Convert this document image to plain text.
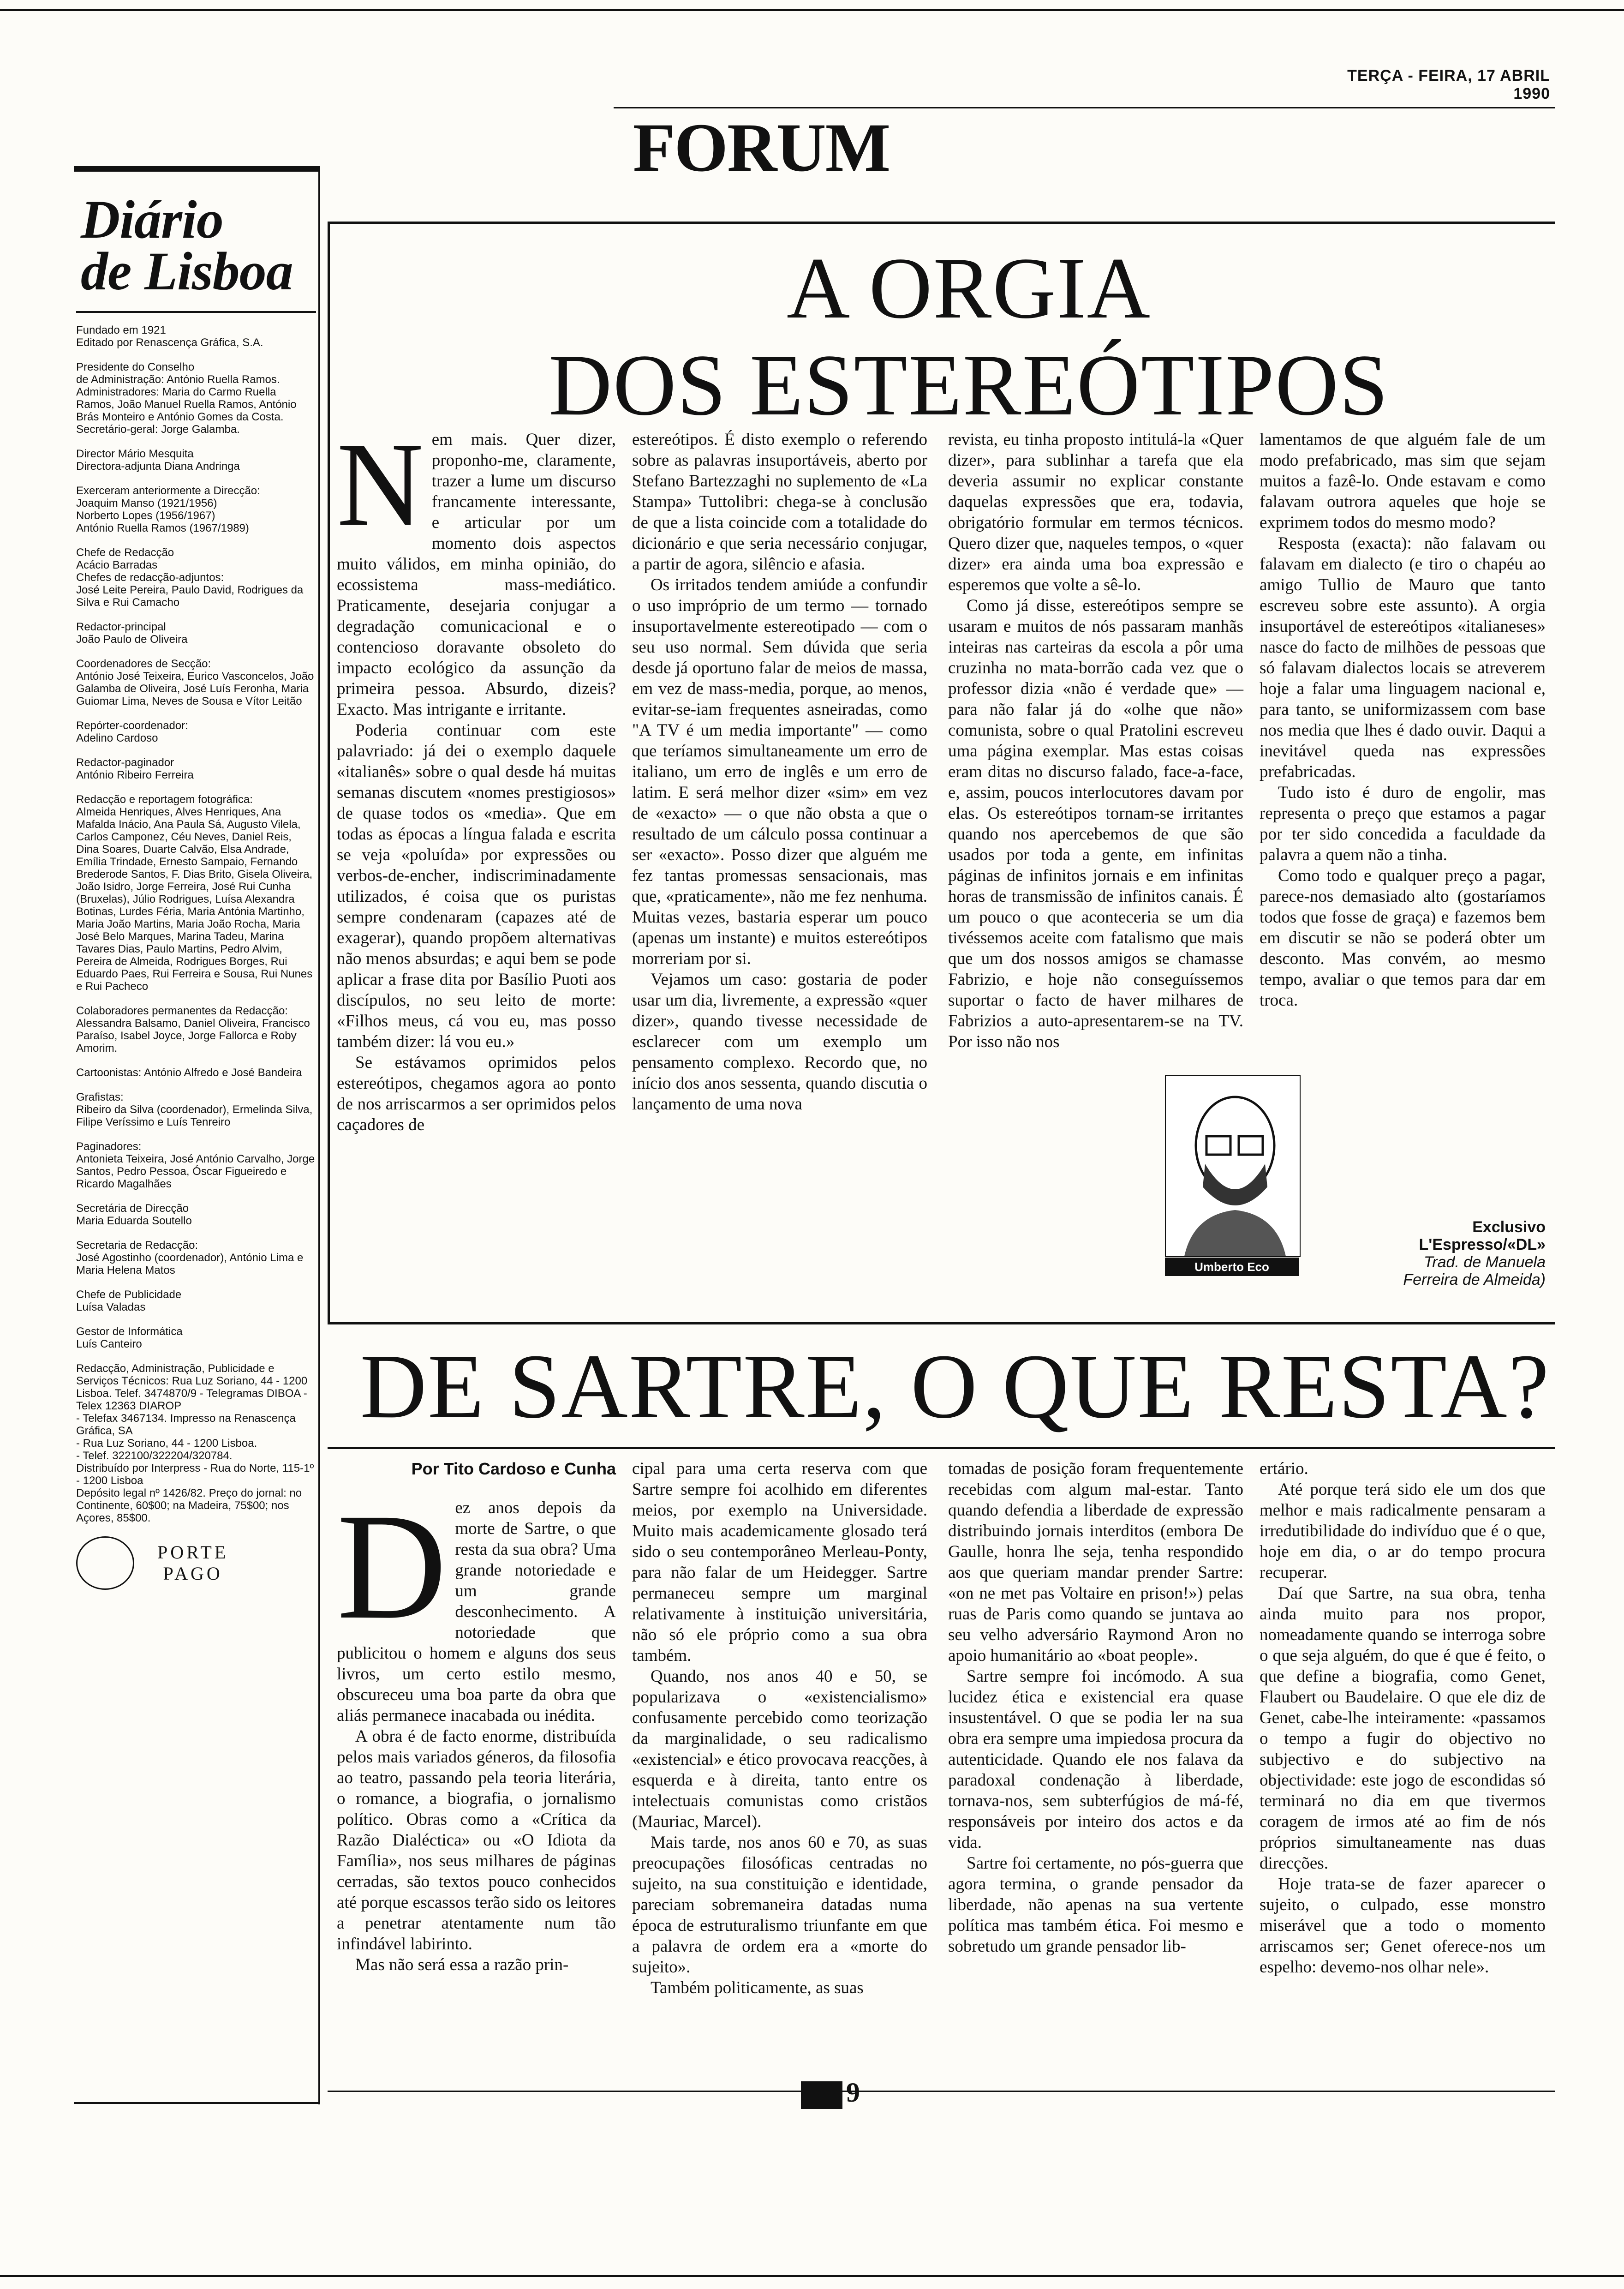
TERÇA - FEIRA, 17 ABRIL 1990
FORUM
Diário
de Lisboa

Fundado em 1921
Editado por Renascença Gráfica, S.A.

Presidente do Conselho
de Administração: António Ruella Ramos.
Administradores: Maria do Carmo Ruella Ramos, João Manuel Ruella Ramos, António Brás Monteiro e António Gomes da Costa.
Secretário-geral: Jorge Galamba.

Director Mário Mesquita
Directora-adjunta Diana Andringa

Exerceram anteriormente a Direcção:
Joaquim Manso (1921/1956)
Norberto Lopes (1956/1967)
António Ruella Ramos (1967/1989)

Chefe de Redacção
Acácio Barradas
Chefes de redacção-adjuntos:
José Leite Pereira, Paulo David, Rodrigues da Silva e Rui Camacho

Redactor-principal
João Paulo de Oliveira

Coordenadores de Secção:
António José Teixeira, Eurico Vasconcelos, João Galamba de Oliveira, José Luís Feronha, Maria Guiomar Lima, Neves de Sousa e Vítor Leitão

Repórter-coordenador:
Adelino Cardoso

Redactor-paginador
António Ribeiro Ferreira

Redacção e reportagem fotográfica:
Almeida Henriques, Alves Henriques, Ana Mafalda Inácio, Ana Paula Sá, Augusto Vilela, Carlos Camponez, Céu Neves, Daniel Reis, Dina Soares, Duarte Calvão, Elsa Andrade, Emília Trindade, Ernesto Sampaio, Fernando Brederode Santos, F. Dias Brito, Gisela Oliveira, João Isidro, Jorge Ferreira, José Rui Cunha (Bruxelas), Júlio Rodrigues, Luísa Alexandra Botinas, Lurdes Féria, Maria Antónia Martinho, Maria João Martins, Maria João Rocha, Maria José Belo Marques, Marina Tadeu, Marina Tavares Dias, Paulo Martins, Pedro Alvim, Pereira de Almeida, Rodrigues Borges, Rui Eduardo Paes, Rui Ferreira e Sousa, Rui Nunes e Rui Pacheco

Colaboradores permanentes da Redacção: Alessandra Balsamo, Daniel Oliveira, Francisco Paraíso, Isabel Joyce, Jorge Fallorca e Roby Amorim.

Cartoonistas: António Alfredo e José Bandeira

Grafistas:
Ribeiro da Silva (coordenador), Ermelinda Silva, Filipe Veríssimo e Luís Tenreiro

Paginadores:
Antonieta Teixeira, José António Carvalho, Jorge Santos, Pedro Pessoa, Óscar Figueiredo e Ricardo Magalhães

Secretária de Direcção
Maria Eduarda Soutello

Secretaria de Redacção:
José Agostinho (coordenador), António Lima e Maria Helena Matos

Chefe de Publicidade
Luísa Valadas

Gestor de Informática
Luís Canteiro

Redacção, Administração, Publicidade e Serviços Técnicos: Rua Luz Soriano, 44 - 1200 Lisboa. Telef. 3474870/9 - Telegramas DIBOA - Telex 12363 DIAROP
- Telefax 3467134. Impresso na Renascença Gráfica, SA
- Rua Luz Soriano, 44 - 1200 Lisboa.
- Telef. 322100/322204/320784.
Distribuído por Interpress - Rua do Norte, 115-1º - 1200 Lisboa
Depósito legal nº 1426/82. Preço do jornal: no Continente, 60$00; na Madeira, 75$00; nos Açores, 85$00.

PORTE
PAGO
A ORGIA
DOS ESTEREÓTIPOS
N em mais. Quer dizer, proponho-me, claramente, trazer a lume um discurso francamente interessante, e articular por um momento dois aspectos muito válidos, em minha opinião, do ecossistema mass-mediático. Praticamente, desejaria conjugar a degradação comunicacional e o contencioso doravante obsoleto do impacto ecológico da assunção da primeira pessoa. Absurdo, dizeis? Exacto. Mas intrigante e irritante.

Poderia continuar com este palavriado: já dei o exemplo daquele «italianês» sobre o qual desde há muitas semanas discutem «nomes prestigiosos» de quase todos os «media». Que em todas as épocas a língua falada e escrita se veja «poluída» por expressões ou verbos-de-encher, indiscriminadamente utilizados, é coisa que os puristas sempre condenaram (capazes até de exagerar), quando propõem alternativas não menos absurdas; e aqui bem se pode aplicar a frase dita por Basílio Puoti aos discípulos, no seu leito de morte: «Filhos meus, cá vou eu, mas posso também dizer: lá vou eu.»

Se estávamos oprimidos pelos estereótipos, chegamos agora ao ponto de nos arriscarmos a ser oprimidos pelos caçadores de

estereótipos. É disto exemplo o referendo sobre as palavras insuportáveis, aberto por Stefano Bartezzaghi no suplemento de «La Stampa» Tuttolibri: chega-se à conclusão de que a lista coincide com a totalidade do dicionário e que seria necessário conjugar, a partir de agora, silêncio e afasia.

Os irritados tendem amiúde a confundir o uso impróprio de um termo — tornado insuportavelmente estereotipado — com o seu uso normal. Sem dúvida que seria desde já oportuno falar de meios de massa, em vez de mass-media, porque, ao menos, evitar-se-iam frequentes asneiradas, como "A TV é um media importante" — como que teríamos simultaneamente um erro de italiano, um erro de inglês e um erro de latim. E será melhor dizer «sim» em vez de «exacto» — o que não obsta a que o resultado de um cálculo possa continuar a ser «exacto». Posso dizer que alguém me fez tantas promessas sensacionais, mas que, «praticamente», não me fez nenhuma. Muitas vezes, bastaria esperar um pouco (apenas um instante) e muitos estereótipos morreriam por si.

Vejamos um caso: gostaria de poder usar um dia, livremente, a expressão «quer dizer», quando tivesse necessidade de esclarecer com um exemplo um pensamento complexo. Recordo que, no início dos anos sessenta, quando discutia o lançamento de uma nova

revista, eu tinha proposto intitulá-la «Quer dizer», para sublinhar a tarefa que ela deveria assumir no explicar constante daquelas expressões que era, todavia, obrigatório formular em termos técnicos. Quero dizer que, naqueles tempos, o «quer dizer» era ainda uma boa expressão e esperemos que volte a sê-lo.

Como já disse, estereótipos sempre se usaram e muitos de nós passaram manhãs inteiras nas carteiras da escola a pôr uma cruzinha no mata-borrão cada vez que o professor dizia «não é verdade que» — para não falar já do «olhe que não» comunista, sobre o qual Pratolini escreveu uma página exemplar. Mas estas coisas eram ditas no discurso falado, face-a-face, e, assim, poucos interlocutores davam por elas. Os estereótipos tornam-se irritantes quando nos apercebemos de que são usados por toda a gente, em infinitas páginas de infinitos jornais e em infinitas horas de transmissão de infinitos canais. É um pouco o que aconteceria se um dia tivéssemos aceite com fatalismo que mais que um dos nossos amigos se chamasse Fabrizio, e hoje não conseguíssemos suportar o facto de haver milhares de Fabrizios a auto-apresentarem-se na TV. Por isso não nos

lamentamos de que alguém fale de um modo prefabricado, mas sim que sejam muitos a fazê-lo. Onde estavam e como falavam outrora aqueles que hoje se exprimem todos do mesmo modo?

Resposta (exacta): não falavam ou falavam em dialecto (e tiro o chapéu ao amigo Tullio de Mauro que tanto escreveu sobre este assunto). A orgia insuportável de estereótipos «italianeses» nasce do facto de milhões de pessoas que só falavam dialectos locais se atreverem hoje a falar uma linguagem nacional e, para tanto, se uniformizassem com base nos media que lhes é dado ouvir. Daqui a inevitável queda nas expressões prefabricadas.

Tudo isto é duro de engolir, mas representa o preço que estamos a pagar por ter sido concedida a faculdade da palavra a quem não a tinha.

Como todo e qualquer preço a pagar, parece-nos demasiado alto (gostaríamos todos que fosse de graça) e fazemos bem em discutir se não se poderá obter um desconto. Mas convém, ao mesmo tempo, avaliar o que temos para dar em troca.

Umberto Eco
Exclusivo
L'Espresso/«DL»
Trad. de Manuela
Ferreira de Almeida)
DE SARTRE, O QUE RESTA?
Por Tito Cardoso e Cunha
D ez anos depois da morte de Sartre, o que resta da sua obra? Uma grande notoriedade e um grande desconhecimento. A notoriedade que publicitou o homem e alguns dos seus livros, um certo estilo mesmo, obscureceu uma boa parte da obra que aliás permanece inacabada ou inédita.

A obra é de facto enorme, distribuída pelos mais variados géneros, da filosofia ao teatro, passando pela teoria literária, o romance, a biografia, o jornalismo político. Obras como a «Crítica da Razão Dialéctica» ou «O Idiota da Família», nos seus milhares de páginas cerradas, são textos pouco conhecidos até porque escassos terão sido os leitores a penetrar atentamente num tão infindável labirinto.

Mas não será essa a razão prin-

cipal para uma certa reserva com que Sartre sempre foi acolhido em diferentes meios, por exemplo na Universidade. Muito mais academicamente glosado terá sido o seu contemporâneo Merleau-Ponty, para não falar de um Heidegger. Sartre permaneceu sempre um marginal relativamente à instituição universitária, não só ele próprio como a sua obra também.

Quando, nos anos 40 e 50, se popularizava o «existencialismo» confusamente percebido como teorização da marginalidade, o seu radicalismo «existencial» e ético provocava reacções, à esquerda e à direita, tanto entre os intelectuais comunistas como cristãos (Mauriac, Marcel).

Mais tarde, nos anos 60 e 70, as suas preocupações filosóficas centradas no sujeito, na sua constituição e identidade, pareciam sobremaneira datadas numa época de estruturalismo triunfante em que a palavra de ordem era a «morte do sujeito».

Também politicamente, as suas

tomadas de posição foram frequentemente recebidas com algum mal-estar. Tanto quando defendia a liberdade de expressão distribuindo jornais interditos (embora De Gaulle, honra lhe seja, tenha respondido aos que queriam mandar prender Sartre: «on ne met pas Voltaire en prison!») pelas ruas de Paris como quando se juntava ao seu velho adversário Raymond Aron no apoio humanitário ao «boat people».

Sartre sempre foi incómodo. A sua lucidez ética e existencial era quase insustentável. O que se podia ler na sua obra era sempre uma impiedosa procura da autenticidade. Quando ele nos falava da paradoxal condenação à liberdade, tornava-nos, sem subterfúgios de má-fé, responsáveis por inteiro dos actos e da vida.

Sartre foi certamente, no pós-guerra que agora termina, o grande pensador da liberdade, não apenas na sua vertente política mas também ética. Foi mesmo e sobretudo um grande pensador lib-

ertário.

Até porque terá sido ele um dos que melhor e mais radicalmente pensaram a irredutibilidade do indivíduo que é o que, hoje em dia, o ar do tempo procura recuperar.

Daí que Sartre, na sua obra, tenha ainda muito para nos propor, nomeadamente quando se interroga sobre o que seja alguém, do que é que é feito, o que define a biografia, como Genet, Flaubert ou Baudelaire. O que ele diz de Genet, cabe-lhe inteiramente: «passamos o tempo a fugir do objectivo no subjectivo e do subjectivo na objectividade: este jogo de escondidas só terminará no dia em que tivermos coragem de irmos até ao fim de nós próprios simultaneamente nas duas direcções.

Hoje trata-se de fazer aparecer o sujeito, o culpado, esse monstro miserável que a todo o momento arriscamos ser; Genet oferece-nos um espelho: devemo-nos olhar nele».

9
